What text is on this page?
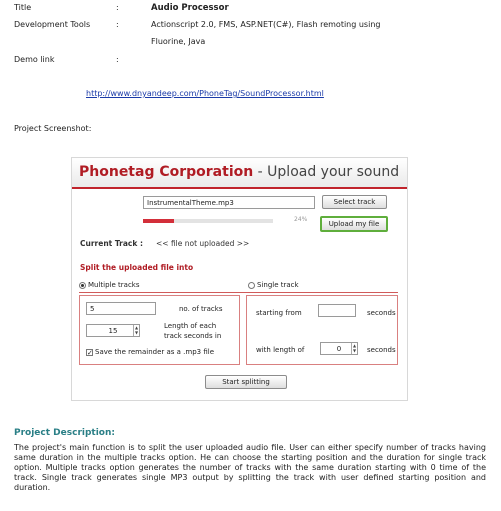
Title	:	Audio Processor
Development Tools	:	Actionscript 2.0, FMS, ASP.NET(C#), Flash remoting using
Fluorine, Java
Demo link	:
http://www.dnyandeep.com/PhoneTag/SoundProcessor.html
Project Screenshot:
Phonetag Corporation - Upload your sound
InstrumentalTheme.mp3	Select track
24%
Upload my file
Current Track : << file not uploaded >>
Split the uploaded file into
Multiple tracks	Single track
5	no. of tracks
15	▲
▼
Length of each
track seconds in
✓ Save the remainder as a .mp3 file
starting from	seconds
with length of	0	▲
▼ seconds
Start splitting
Project Description:
The project's main function is to split the user uploaded audio file. User can either specify number of tracks having same duration in the multiple tracks option. He can choose the starting position and the duration for single track option. Multiple tracks option generates the number of tracks with the same duration starting with 0 time of the track. Single track generates single MP3 output by splitting the track with user defined starting position and duration.
